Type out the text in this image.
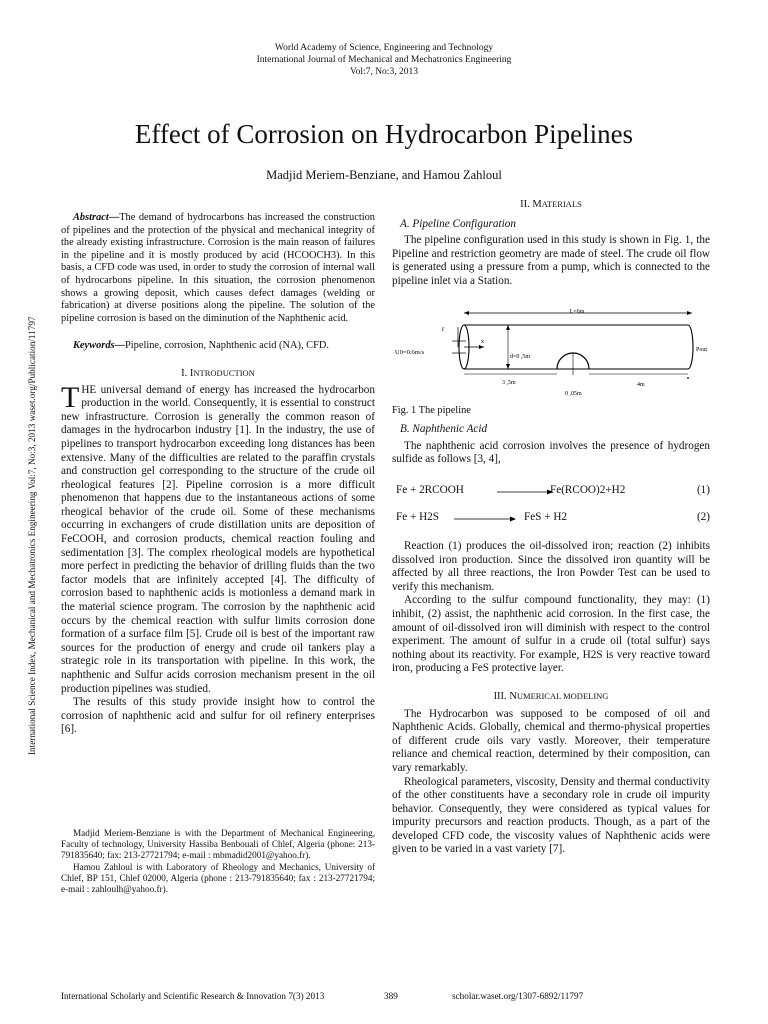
World Academy of Science, Engineering and Technology
International Journal of Mechanical and Mechatronics Engineering
Vol:7, No:3, 2013
Effect of Corrosion on Hydrocarbon Pipelines
Madjid Meriem-Benziane, and Hamou Zahloul
International Science Index, Mechanical and Mechatronics Engineering Vol:7, No:3, 2013 waset.org/Publication/11797

Abstract—The demand of hydrocarbons has increased the construction of pipelines and the protection of the physical and mechanical integrity of the already existing infrastructure. Corrosion is the main reason of failures in the pipeline and it is mostly produced by acid (HCOOCH3). In this basis, a CFD code was used, in order to study the corrosion of internal wall of hydrocarbons pipeline. In this situation, the corrosion phenomenon shows a growing deposit, which causes defect damages (welding or fabrication) at diverse positions along the pipeline. The solution of the pipeline corrosion is based on the diminution of the Naphthenic acid.

Keywords—Pipeline, corrosion, Naphthenic acid (NA), CFD.

I. INTRODUCTION

THE universal demand of energy has increased the hydrocarbon production in the world. Consequently, it is essential to construct new infrastructure. Corrosion is generally the common reason of damages in the hydrocarbon industry [1]. In the industry, the use of pipelines to transport hydrocarbon exceeding long distances has been extensive. Many of the difficulties are related to the paraffin crystals and construction gel corresponding to the structure of the crude oil rheological features [2]. Pipeline corrosion is a more difficult phenomenon that happens due to the instantaneous actions of some rheogical behavior of the crude oil. Some of these mechanisms occurring in exchangers of crude distillation units are deposition of FeCOOH, and corrosion products, chemical reaction fouling and sedimentation [3]. The complex rheological models are hypothetical more perfect in predicting the behavior of drilling fluids than the two factor models that are infinitely accepted [4]. The difficulty of corrosion based to naphthenic acids is motionless a demand mark in the material science program. The corrosion by the naphthenic acid occurs by the chemical reaction with sulfur limits corrosion done formation of a surface film [5]. Crude oil is best of the important raw sources for the production of energy and crude oil tankers play a strategic role in its transportation with pipeline. In this work, the naphthenic and Sulfur acids corrosion mechanism present in the oil production pipelines was studied.

The results of this study provide insight how to control the corrosion of naphthenic acid and sulfur for oil refinery enterprises [6].

Madjid Meriem-Benziane is with the Department of Mechanical Engineering, Faculty of technology, University Hassiba Benbouali of Chlef, Algeria (phone: 213-791835640; fax: 213-27721794; e-mail : mbmadid2001@yahoo.fr).

Hamou Zahloul is with Laboratory of Rheology and Mechanics, University of Chlef, BP 151, Chlef 02000, Algeria (phone : 213-791835640; fax : 213-27721794; e-mail : zahloulh@yahoo.fr).

II. MATERIALS

A. Pipeline Configuration

The pipeline configuration used in this study is shown in Fig. 1, the Pipeline and restriction geometry are made of steel. The crude oil flow is generated using a pressure from a pump, which is connected to the pipeline inlet via a Station.

L=6m
r
x
U0=0.6m/s
d=0 ,5m
Pout
3 ,5m	4m
0 ,05m
Fig. 1 The pipeline

B. Naphthenic Acid

The naphthenic acid corrosion involves the presence of hydrogen sulfide as follows [3, 4],

Fe + 2RCOOH	Fe(RCOO)2+H2	(1)
Fe + H2S	FeS + H2	(2)

Reaction (1) produces the oil-dissolved iron; reaction (2) inhibits dissolved iron production. Since the dissolved iron quantity will be affected by all three reactions, the Iron Powder Test can be used to verify this mechanism.

According to the sulfur compound functionality, they may: (1) inhibit, (2) assist, the naphthenic acid corrosion. In the first case, the amount of oil-dissolved iron will diminish with respect to the control experiment. The amount of sulfur in a crude oil (total sulfur) says nothing about its reactivity. For example, H2S is very reactive toward iron, producing a FeS protective layer.

III. NUMERICAL MODELING

The Hydrocarbon was supposed to be composed of oil and Naphthenic Acids. Globally, chemical and thermo-physical properties of different crude oils vary vastly. Moreover, their temperature reliance and chemical reaction, determined by their composition, can vary remarkably.

Rheological parameters, viscosity, Density and thermal conductivity of the other constituents have a secondary role in crude oil impurity behavior. Consequently, they were considered as typical values for impurity precursors and reaction products. Though, as a part of the developed CFD code, the viscosity values of Naphthenic acids were given to be varied in a vast variety [7].

International Scholarly and Scientific Research & Innovation 7(3) 2013	389	scholar.waset.org/1307-6892/11797
